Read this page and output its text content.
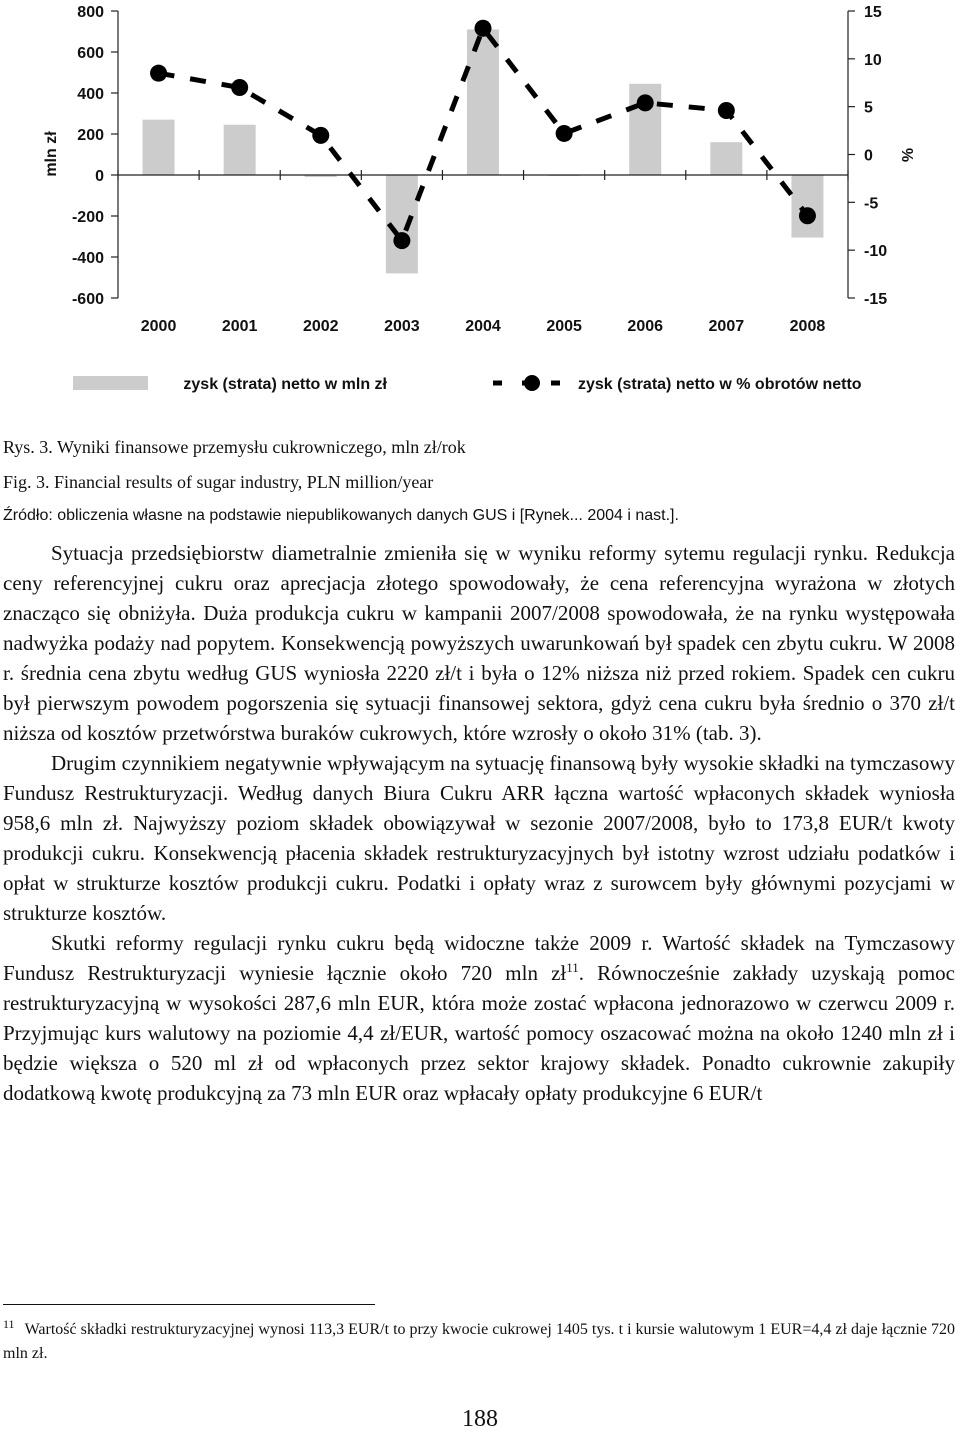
800
600
400
200
0
-200
-400
-600
15
10
5
0
-5
-10
-15
mln zł	%
2000	2001	2002	2003	2004	2005	2006	2007	2008
zysk (strata) netto w mln zł	zysk (strata) netto w % obrotów netto
Rys. 3. Wyniki finansowe przemysłu cukrowniczego, mln zł/rok
Fig. 3. Financial results of sugar industry, PLN million/year
Źródło: obliczenia własne na podstawie niepublikowanych danych GUS i [Rynek... 2004 i nast.].

Sytuacja przedsiębiorstw diametralnie zmieniła się w wyniku reformy sytemu regulacji rynku. Redukcja ceny referencyjnej cukru oraz aprecjacja złotego spowodowały, że cena referencyjna wyrażona w złotych znacząco się obniżyła. Duża produkcja cukru w kampanii 2007/2008 spowodowała, że na rynku występowała nadwyżka podaży nad popytem. Konsekwencją powyższych uwarunkowań był spadek cen zbytu cukru. W 2008 r. średnia cena zbytu według GUS wyniosła 2220 zł/t i była o 12% niższa niż przed rokiem. Spadek cen cukru był pierwszym powodem pogorszenia się sytuacji finansowej sektora, gdyż cena cukru była średnio o 370 zł/t niższa od kosztów przetwórstwa buraków cukrowych, które wzrosły o około 31% (tab. 3).

Drugim czynnikiem negatywnie wpływającym na sytuację finansową były wysokie składki na tymczasowy Fundusz Restrukturyzacji. Według danych Biura Cukru ARR łączna wartość wpłaconych składek wyniosła 958,6 mln zł. Najwyższy poziom składek obowiązywał w sezonie 2007/2008, było to 173,8 EUR/t kwoty produkcji cukru. Konsekwencją płacenia składek restrukturyzacyjnych był istotny wzrost udziału podatków i opłat w strukturze kosztów produkcji cukru. Podatki i opłaty wraz z surowcem były głównymi pozycjami w strukturze kosztów.

Skutki reformy regulacji rynku cukru będą widoczne także 2009 r. Wartość składek na Tymczasowy Fundusz Restrukturyzacji wyniesie łącznie około 720 mln $zł^{11}$. Równocześnie zakłady uzyskają pomoc restrukturyzacyjną w wysokości 287,6 mln EUR, która może zostać wpłacona jednorazowo w czerwcu 2009 r. Przyjmując kurs walutowy na poziomie 4,4 zł/EUR, wartość pomocy oszacować można na około 1240 mln zł i będzie większa o 520 ml zł od wpłaconych przez sektor krajowy składek. Ponadto cukrownie zakupiły dodatkową kwotę produkcyjną za 73 mln EUR oraz wpłacały opłaty produkcyjne 6 EUR/t

$^{11}$ Wartość składki restrukturyzacyjnej wynosi 113,3 EUR/t to przy kwocie cukrowej 1405 tys. t i kursie walutowym 1 EUR=4,4 zł daje łącznie 720 mln zł.
188
